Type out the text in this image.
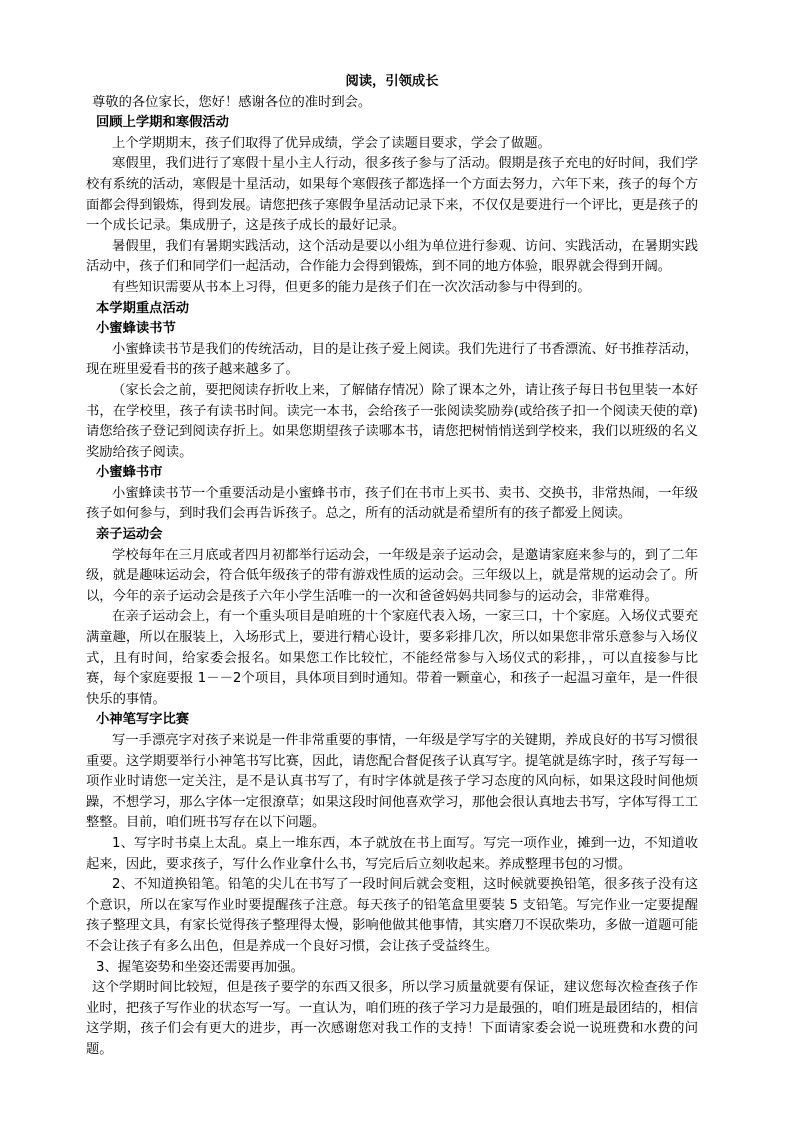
阅读，引领成长

尊敬的各位家长，您好！感谢各位的准时到会。

回顾上学期和寒假活动

上个学期期末，孩子们取得了优异成绩，学会了读题目要求，学会了做题。

寒假里，我们进行了寒假十星小主人行动，很多孩子参与了活动。假期是孩子充电的好时间，我们学校有系统的活动，寒假是十星活动，如果每个寒假孩子都选择一个方面去努力，六年下来，孩子的每个方面都会得到锻炼，得到发展。请您把孩子寒假争星活动记录下来，不仅仅是要进行一个评比，更是孩子的一个成长记录。集成册子，这是孩子成长的最好记录。

暑假里，我们有暑期实践活动，这个活动是要以小组为单位进行参观、访问、实践活动，在暑期实践活动中，孩子们和同学们一起活动，合作能力会得到锻炼，到不同的地方体验，眼界就会得到开阔。

有些知识需要从书本上习得，但更多的能力是孩子们在一次次活动参与中得到的。

本学期重点活动

小蜜蜂读书节

小蜜蜂读书节是我们的传统活动，目的是让孩子爱上阅读。我们先进行了书香漂流、好书推荐活动，现在班里爱看书的孩子越来越多了。

（家长会之前，要把阅读存折收上来，了解储存情况）除了课本之外，请让孩子每日书包里装一本好书，在学校里，孩子有读书时间。读完一本书，会给孩子一张阅读奖励券(或给孩子扣一个阅读天使的章)请您给孩子登记到阅读存折上。如果您期望孩子读哪本书，请您把树悄悄送到学校来，我们以班级的名义奖励给孩子阅读。

小蜜蜂书市

小蜜蜂读书节一个重要活动是小蜜蜂书市，孩子们在书市上买书、卖书、交换书，非常热闹，一年级孩子如何参与，到时我们会再告诉孩子。总之，所有的活动就是希望所有的孩子都爱上阅读。

亲子运动会

学校每年在三月底或者四月初都举行运动会，一年级是亲子运动会，是邀请家庭来参与的，到了二年级，就是趣味运动会，符合低年级孩子的带有游戏性质的运动会。三年级以上，就是常规的运动会了。所以，今年的亲子运动会是孩子六年小学生活唯一的一次和爸爸妈妈共同参与的运动会，非常难得。

在亲子运动会上，有一个重头项目是咱班的十个家庭代表入场，一家三口，十个家庭。入场仪式要充满童趣，所以在服装上，入场形式上，要进行精心设计，要多彩排几次，所以如果您非常乐意参与入场仪式，且有时间，给家委会报名。如果您工作比较忙，不能经常参与入场仪式的彩排，，可以直接参与比赛，每个家庭要报 1－－2个项目，具体项目到时通知。带着一颗童心，和孩子一起温习童年，是一件很快乐的事情。

小神笔写字比赛

写一手漂亮字对孩子来说是一件非常重要的事情，一年级是学写字的关键期，养成良好的书写习惯很重要。这学期要举行小神笔书写比赛，因此，请您配合督促孩子认真写字。提笔就是练字时，孩子写每一项作业时请您一定关注，是不是认真书写了，有时字体就是孩子学习态度的风向标，如果这段时间他烦躁，不想学习，那么字体一定很潦草；如果这段时间他喜欢学习，那他会很认真地去书写，字体写得工工整整。目前，咱们班书写存在以下问题。

1、写字时书桌上太乱。桌上一堆东西，本子就放在书上面写。写完一项作业，摊到一边，不知道收起来，因此，要求孩子，写什么作业拿什么书，写完后后立刻收起来。养成整理书包的习惯。

2、不知道换铅笔。铅笔的尖儿在书写了一段时间后就会变粗，这时候就要换铅笔，很多孩子没有这个意识，所以在家写作业时要提醒孩子注意。每天孩子的铅笔盒里要装 5 支铅笔。写完作业一定要提醒孩子整理文具，有家长觉得孩子整理得太慢，影响他做其他事情，其实磨刀不误砍柴功，多做一道题可能不会让孩子有多么出色，但是养成一个良好习惯，会让孩子受益终生。

3、握笔姿势和坐姿还需要再加强。

这个学期时间比较短，但是孩子要学的东西又很多，所以学习质量就要有保证，建议您每次检查孩子作业时，把孩子写作业的状态写一写。一直认为，咱们班的孩子学习力是最强的，咱们班是最团结的，相信这学期，孩子们会有更大的进步，再一次感谢您对我工作的支持！下面请家委会说一说班费和水费的问题。
